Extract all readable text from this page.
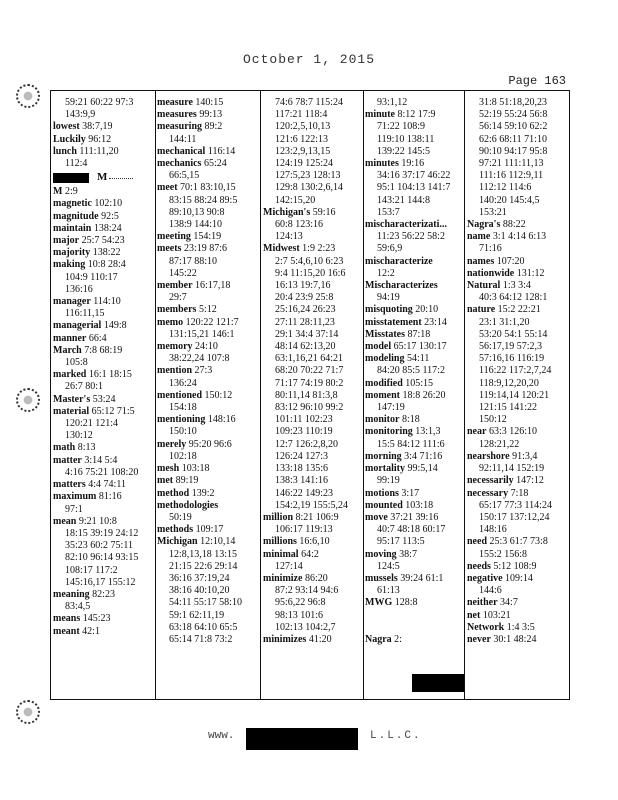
October 1, 2015
Page 163
59:21 60:22 97:3
143:9,9
lowest 38:7,19
Luckily 96:12
lunch 111:11,20
112:4
M
M 2:9
magnetic 102:10
magnitude 92:5
maintain 138:24
major 25:7 54:23
majority 138:22
making 10:8 28:4
104:9 110:17
136:16
manager 114:10
116:11,15
managerial 149:8
manner 66:4
March 7:8 68:19
105:8
marked 16:1 18:15
26:7 80:1
Master's 53:24
material 65:12 71:5
120:21 121:4
130:12
math 8:13
matter 3:14 5:4
4:16 75:21 108:20
matters 4:4 74:11
maximum 81:16
97:1
mean 9:21 10:8
18:15 39:19 24:12
35:23 60:2 75:11
82:10 96:14 93:15
108:17 117:2
145:16,17 155:12
meaning 82:23
83:4,5
means 145:23
meant 42:1
measure 140:15
measures 99:13
measuring 89:2
144:11
mechanical 116:14
mechanics 65:24
66:5,15
meet 70:1 83:10,15
83:15 88:24 89:5
89:10,13 90:8
138:9 144:10
meeting 154:19
meets 23:19 87:6
87:17 88:10
145:22
member 16:17,18
29:7
members 5:12
memo 120:22 121:7
131:15,21 146:1
memory 24:10
38:22,24 107:8
mention 27:3
136:24
mentioned 150:12
154:18
mentioning 148:16
150:10
merely 95:20 96:6
102:18
mesh 103:18
met 89:19
method 139:2
methodologies
50:19
methods 109:17
Michigan 12:10,14
12:8,13,18 13:15
21:15 22:6 29:14
36:16 37:19,24
38:16 40:10,20
54:11 55:17 58:10
59:1 62:11,19
63:18 64:10 65:5
65:14 71:8 73:2
74:6 78:7 115:24
117:21 118:4
120:2,5,10,13
121:6 122:13
123:2,9,13,15
124:19 125:24
127:5,23 128:13
129:8 130:2,6,14
142:15,20
Michigan's 59:16
60:8 123:16
124:13
Midwest 1:9 2:23
2:7 5:4,6,10 6:23
9:4 11:15,20 16:6
16:13 19:7,16
20:4 23:9 25:8
25:16,24 26:23
27:11 28:11,23
29:1 34:4 37:14
48:14 62:13,20
63:1,16,21 64:21
68:20 70:22 71:7
71:17 74:19 80:2
80:11,14 81:3,8
83:12 96:10 99:2
101:11 102:23
109:23 110:19
12:7 126:2,8,20
126:24 127:3
133:18 135:6
138:3 141:16
146:22 149:23
154:2,19 155:5,24
million 8:21 106:9
106:17 119:13
millions 16:6,10
minimal 64:2
127:14
minimize 86:20
87:2 93:14 94:6
95:6,22 96:8
98:13 101:6
102:13 104:2,7
minimizes 41:20
93:1,12
minute 8:12 17:9
71:22 108:9
119:10 138:11
139:22 145:5
minutes 19:16
34:16 37:17 46:22
95:1 104:13 141:7
143:21 144:8
153:7
mischaracterizati...
11:23 56:22 58:2
59:6,9
mischaracterize
12:2
Mischaracterizes
94:19
misquoting 20:10
misstatement 23:14
Misstates 87:18
model 65:17 130:17
modeling 54:11
84:20 85:5 117:2
modified 105:15
moment 18:8 26:20
147:19
monitor 8:18
monitoring 13:1,3
15:5 84:12 111:6
morning 3:4 71:16
mortality 99:5,14
99:19
motions 3:17
mounted 103:18
move 37:21 39:16
40:7 48:18 60:17
95:17 113:5
moving 38:7
124:5
mussels 39:24 61:1
61:13
MWG 128:8

Nagra 2:
31:8 51:18,20,23
52:19 55:24 56:8
56:14 59:10 62:2
62:6 68:11 71:10
90:10 94:17 95:8
97:21 111:11,13
111:16 112:9,11
112:12 114:6
140:20 145:4,5
153:21
Nagra's 88:22
name 3:1 4:14 6:13
71:16
names 107:20
nationwide 131:12
Natural 1:3 3:4
40:3 64:12 128:1
nature 15:2 22:21
23:1 31:1,20
53:20 54:1 55:14
56:17,19 57:2,3
57:16,16 116:19
116:22 117:2,7,24
118:9,12,20,20
119:14,14 120:21
121:15 141:22
150:12
near 63:3 126:10
128:21,22
nearshore 91:3,4
92:11,14 152:19
necessarily 147:12
necessary 7:18
65:17 77:3 114:24
150:17 137:12,24
148:16
need 25:3 61:7 73:8
155:2 156:8
needs 5:12 108:9
negative 109:14
144:6
neither 34:7
net 103:21
Network 1:4 3:5
never 30:1 48:24
www.	L.L.C.
